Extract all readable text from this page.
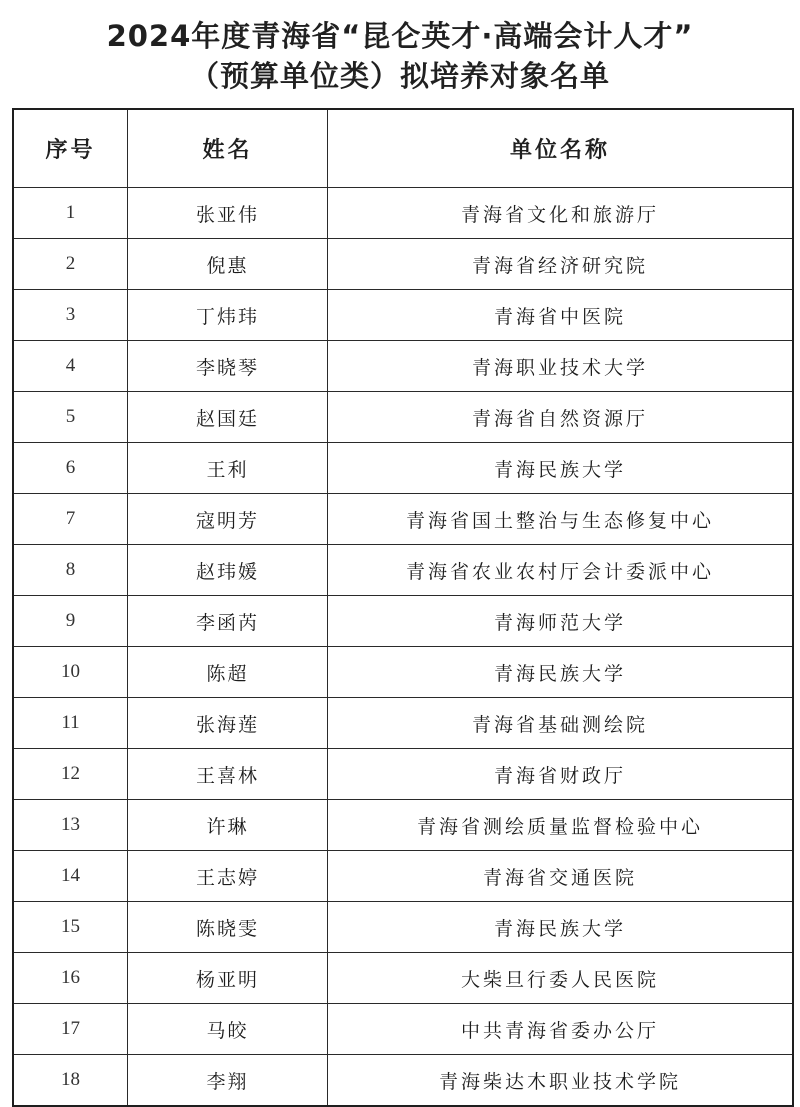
2024年度青海省“昆仑英才·高端会计人才”
（预算单位类）拟培养对象名单
序号	姓名	单位名称
1	张亚伟	青海省文化和旅游厅
2	倪惠	青海省经济研究院
3	丁炜玮	青海省中医院
4	李晓琴	青海职业技术大学
5	赵国廷	青海省自然资源厅
6	王利	青海民族大学
7	寇明芳	青海省国土整治与生态修复中心
8	赵玮媛	青海省农业农村厅会计委派中心
9	李函芮	青海师范大学
10	陈超	青海民族大学
11	张海莲	青海省基础测绘院
12	王喜林	青海省财政厅
13	许琳	青海省测绘质量监督检验中心
14	王志婷	青海省交通医院
15	陈晓雯	青海民族大学
16	杨亚明	大柴旦行委人民医院
17	马皎	中共青海省委办公厅
18	李翔	青海柴达木职业技术学院
